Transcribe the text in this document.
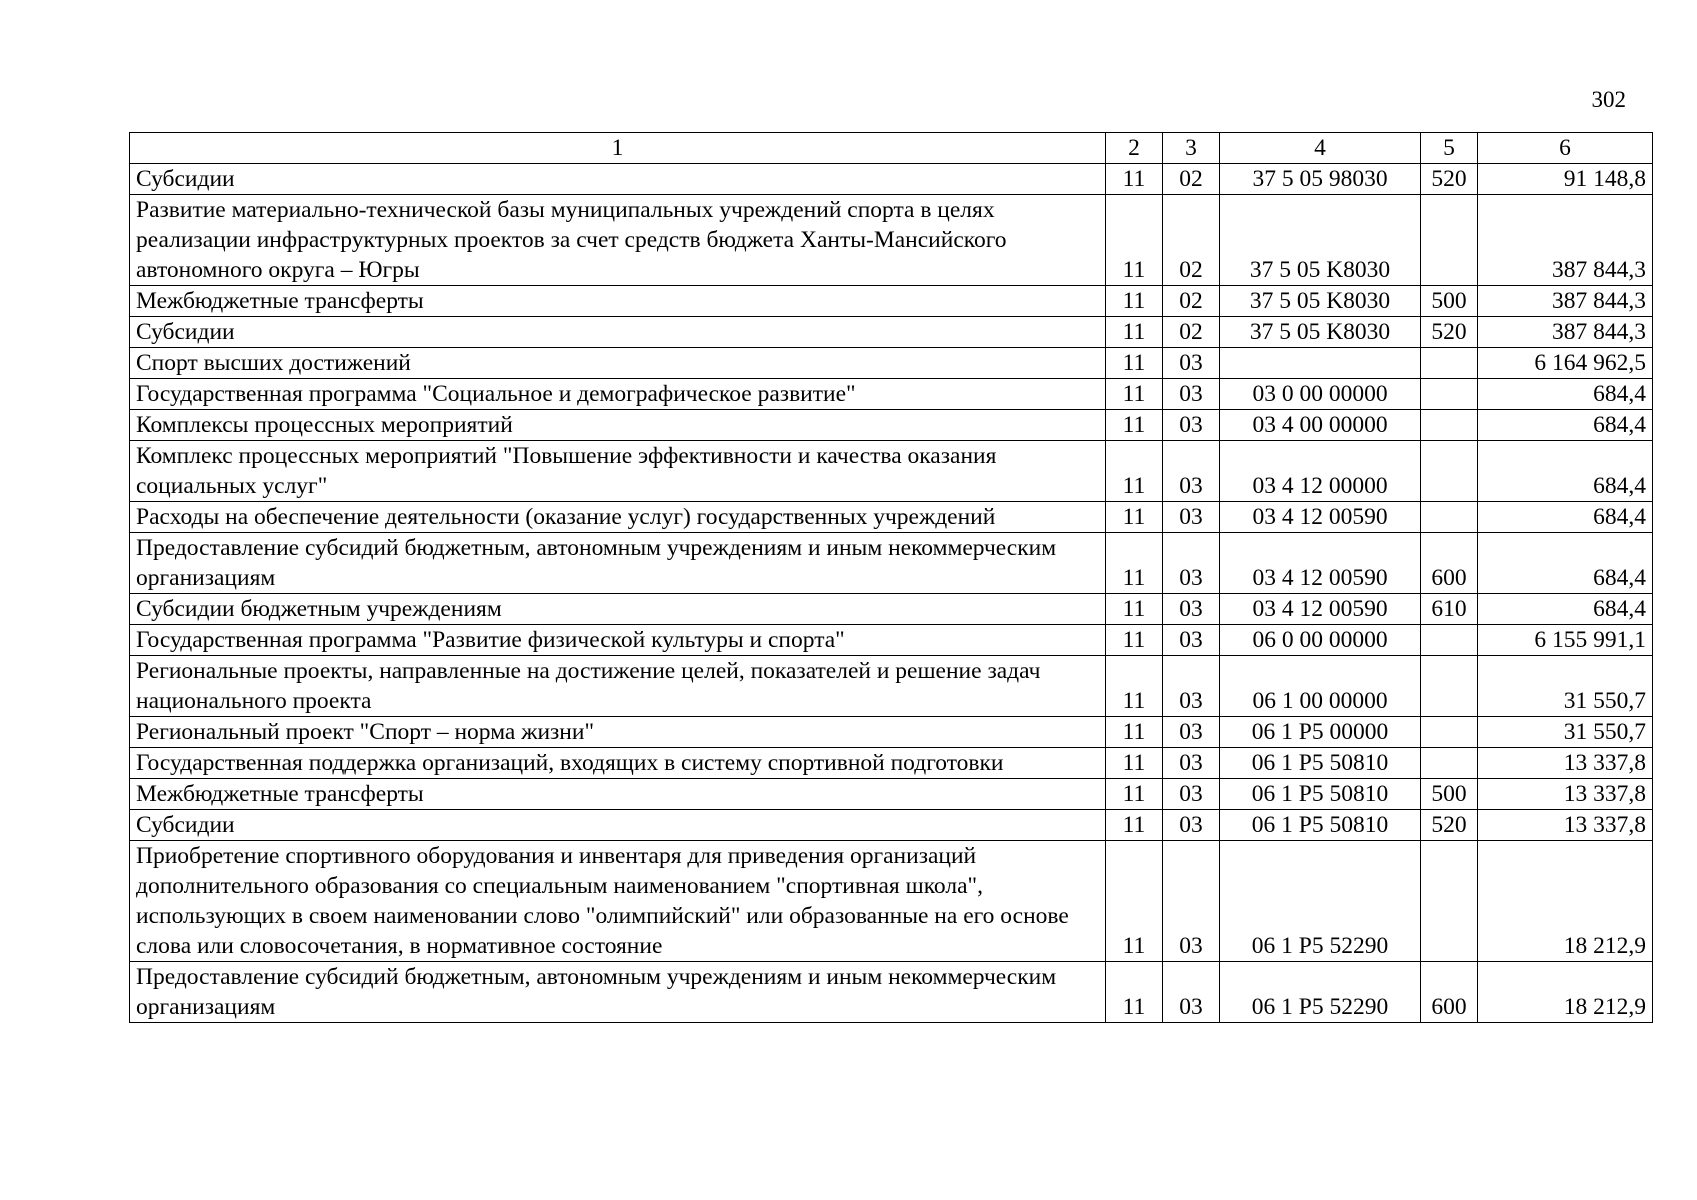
302
1	2	3	4	5	6
Субсидии	11	02	37 5 05 98030	520	91 148,8
Развитие материально-технической базы муниципальных учреждений спорта в целях реализации инфраструктурных проектов за счет средств бюджета Ханты-Мансийского автономного округа – Югры	11	02	37 5 05 K8030		387 844,3
Межбюджетные трансферты	11	02	37 5 05 K8030	500	387 844,3
Субсидии	11	02	37 5 05 K8030	520	387 844,3
Спорт высших достижений	11	03			6 164 962,5
Государственная программа "Социальное и демографическое развитие"	11	03	03 0 00 00000		684,4
Комплексы процессных мероприятий	11	03	03 4 00 00000		684,4
Комплекс процессных мероприятий "Повышение эффективности и качества оказания социальных услуг"	11	03	03 4 12 00000		684,4
Расходы на обеспечение деятельности (оказание услуг) государственных учреждений	11	03	03 4 12 00590		684,4
Предоставление субсидий бюджетным, автономным учреждениям и иным некоммерческим организациям	11	03	03 4 12 00590	600	684,4
Субсидии бюджетным учреждениям	11	03	03 4 12 00590	610	684,4
Государственная программа "Развитие физической культуры и спорта"	11	03	06 0 00 00000		6 155 991,1
Региональные проекты, направленные на достижение целей, показателей и решение задач национального проекта	11	03	06 1 00 00000		31 550,7
Региональный проект "Спорт – норма жизни"	11	03	06 1 P5 00000		31 550,7
Государственная поддержка организаций, входящих в систему спортивной подготовки	11	03	06 1 P5 50810		13 337,8
Межбюджетные трансферты	11	03	06 1 P5 50810	500	13 337,8
Субсидии	11	03	06 1 P5 50810	520	13 337,8
Приобретение спортивного оборудования и инвентаря для приведения организаций дополнительного образования со специальным наименованием "спортивная школа", использующих в своем наименовании слово "олимпийский" или образованные на его основе слова или словосочетания, в нормативное состояние	11	03	06 1 P5 52290		18 212,9
Предоставление субсидий бюджетным, автономным учреждениям и иным некоммерческим организациям	11	03	06 1 P5 52290	600	18 212,9
